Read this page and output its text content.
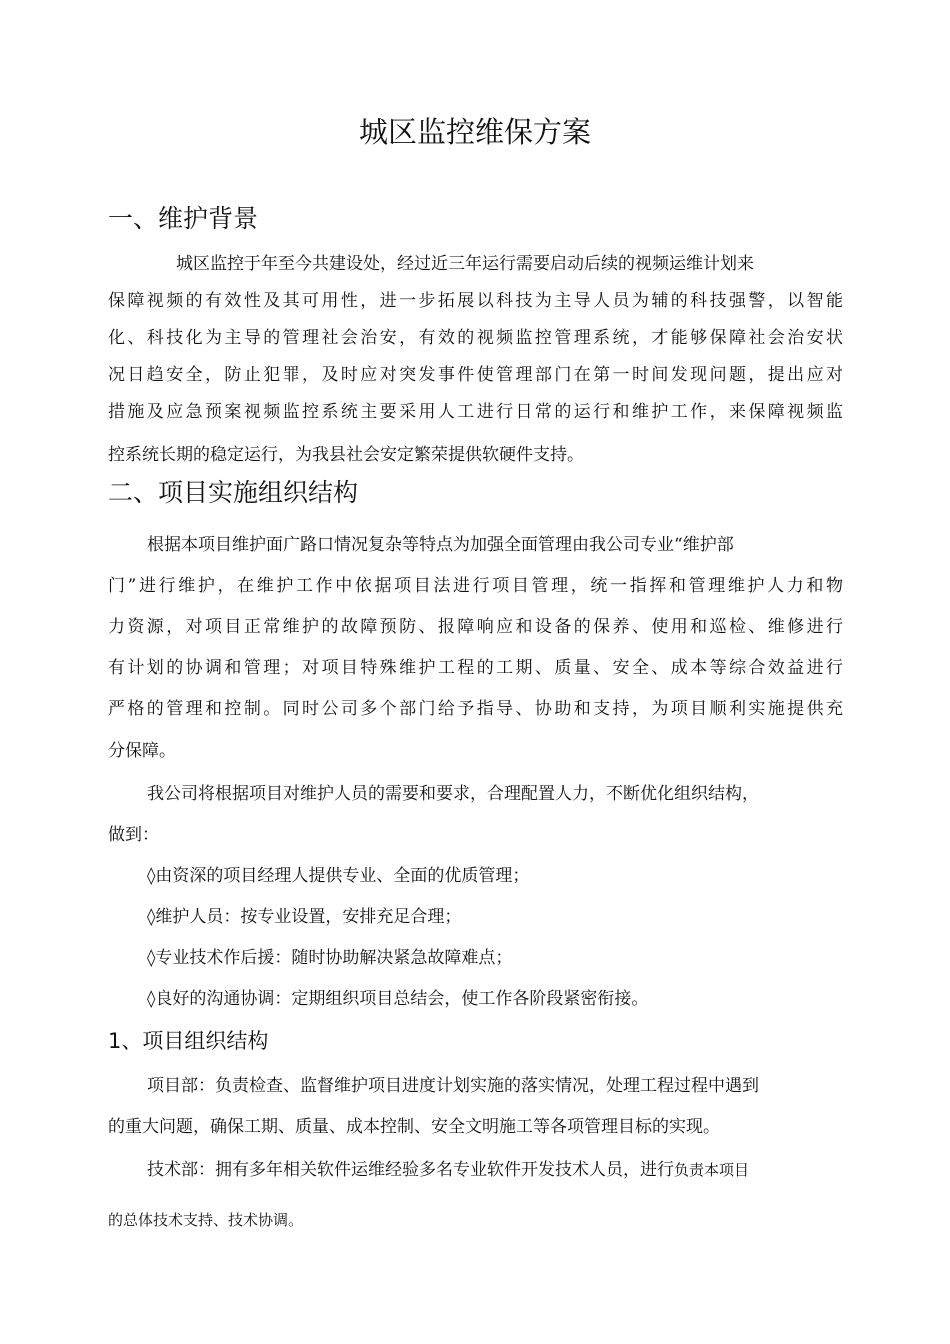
城区监控维保方案
一、维护背景
城区监控于年至今共建设处，经过近三年运行需要启动后续的视频运维计划来
保障视频的有效性及其可用性，进一步拓展以科技为主导人员为辅的科技强警，以智能
化、科技化为主导的管理社会治安，有效的视频监控管理系统，才能够保障社会治安状
况日趋安全，防止犯罪，及时应对突发事件使管理部门在第一时间发现问题，提出应对
措施及应急预案视频监控系统主要采用人工进行日常的运行和维护工作，来保障视频监
控系统长期的稳定运行，为我县社会安定繁荣提供软硬件支持。
二、项目实施组织结构
根据本项目维护面广路口情况复杂等特点为加强全面管理由我公司专业“维护部
门”进行维护，在维护工作中依据项目法进行项目管理，统一指挥和管理维护人力和物
力资源，对项目正常维护的故障预防、报障响应和设备的保养、使用和巡检、维修进行
有计划的协调和管理；对项目特殊维护工程的工期、质量、安全、成本等综合效益进行
严格的管理和控制。同时公司多个部门给予指导、协助和支持，为项目顺利实施提供充
分保障。
我公司将根据项目对维护人员的需要和要求，合理配置人力，不断优化组织结构，
做到：
◊由资深的项目经理人提供专业、全面的优质管理；
◊维护人员：按专业设置，安排充足合理；
◊专业技术作后援：随时协助解决紧急故障难点；
◊良好的沟通协调：定期组织项目总结会，使工作各阶段紧密衔接。
1、项目组织结构
项目部：负责检查、监督维护项目进度计划实施的落实情况，处理工程过程中遇到
的重大问题，确保工期、质量、成本控制、安全文明施工等各项管理目标的实现。
技术部：拥有多年相关软件运维经验多名专业软件开发技术人员，进行负责本项目
的总体技术支持、技术协调。
